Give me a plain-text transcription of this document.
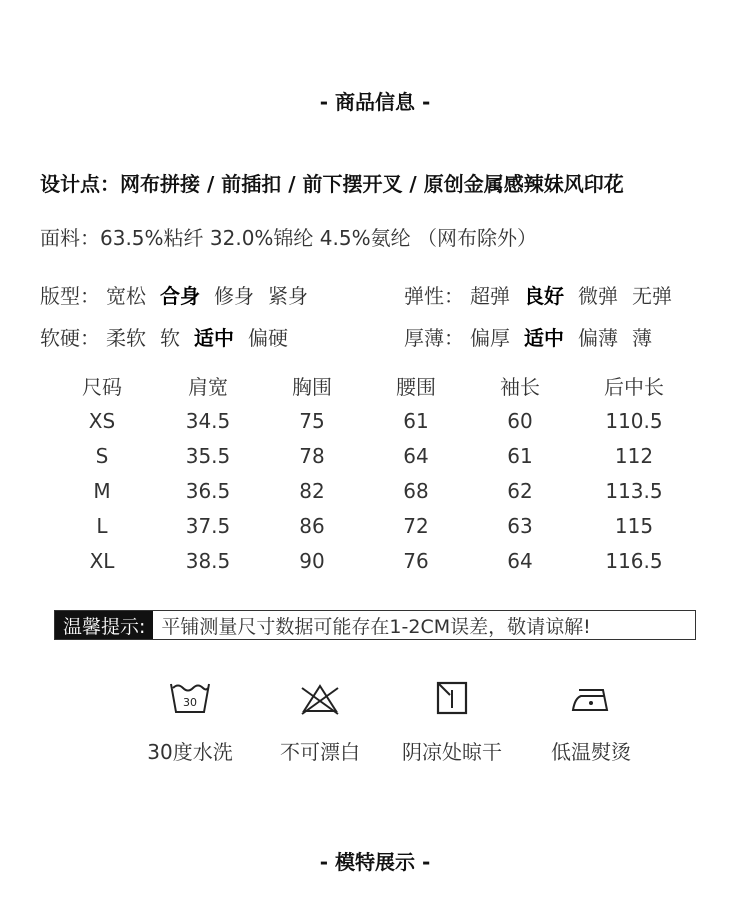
- 商品信息 -
设计点：网布拼接 / 前插扣 / 前下摆开叉 / 原创金属感辣妹风印花
面料：63.5%粘纤 32.0%锦纶 4.5%氨纶 （网布除外）
版型： 宽松 合身 修身 紧身	弹性： 超弹 良好 微弹 无弹
软硬： 柔软 软 适中 偏硬	厚薄： 偏厚 适中 偏薄 薄
尺码	肩宽	胸围	腰围	袖长	后中长
XS	34.5	75	61	60	110.5
S	35.5	78	64	61	112
M	36.5	82	68	62	113.5
L	37.5	86	72	63	115
XL	38.5	90	76	64	116.5
温馨提示: 平铺测量尺寸数据可能存在1-2CM误差，敬请谅解!
30
30度水洗	不可漂白	阴凉处晾干	低温熨烫
- 模特展示 -
